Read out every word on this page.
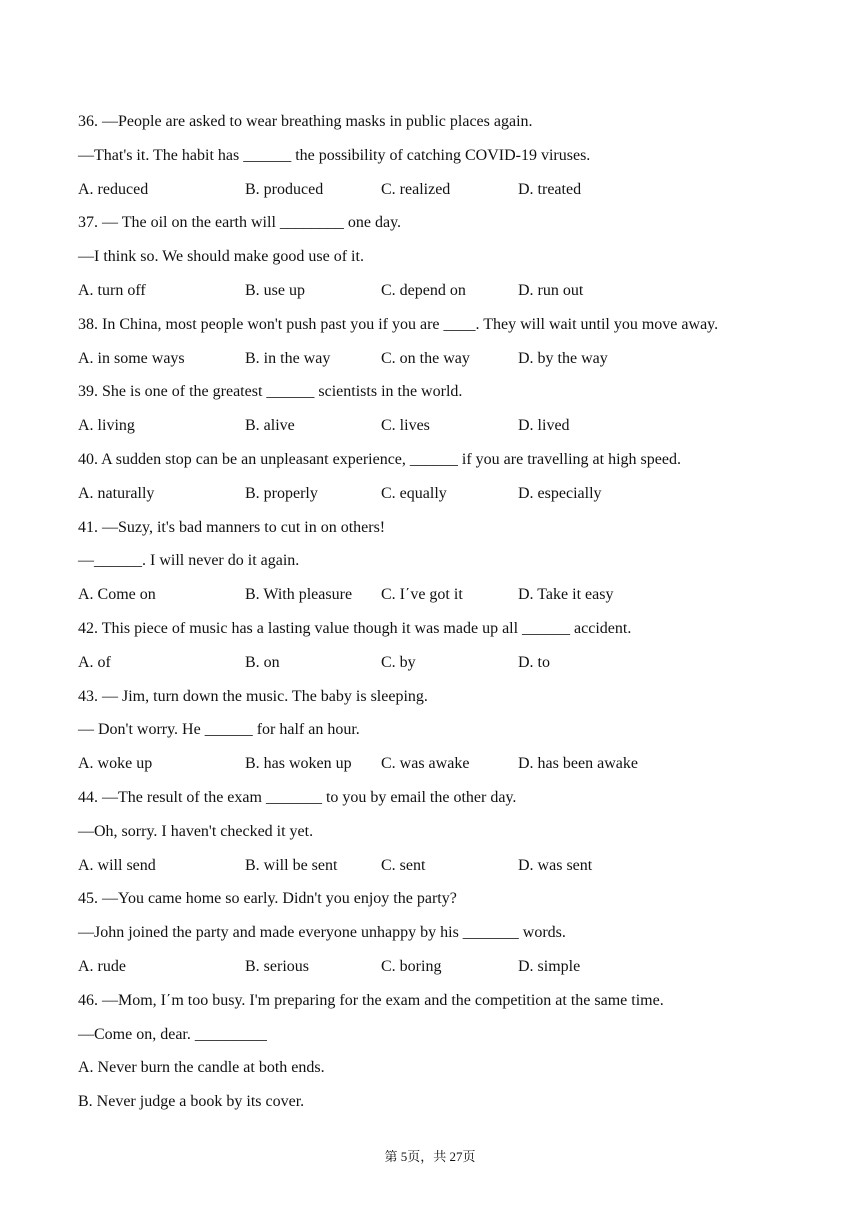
36. —People are asked to wear breathing masks in public places again.
—That's it. The habit has ______ the possibility of catching COVID-19 viruses.
A. reduced	B. produced	C. realized	D. treated
37. — The oil on the earth will ________ one day.
—I think so. We should make good use of it.
A. turn off	B. use up	C. depend on	D. run out
38. In China, most people won't push past you if you are ____. They will wait until you move away.
A. in some ways	B. in the way	C. on the way	D. by the way
39. She is one of the greatest ______ scientists in the world.
A. living	B. alive	C. lives	D. lived
40. A sudden stop can be an unpleasant experience, ______ if you are travelling at high speed.
A. naturally	B. properly	C. equally	D. especially
41. —Suzy, it's bad manners to cut in on others!
—______. I will never do it again.
A. Come on	B. With pleasure C. I΄ve got it	D. Take it easy
42. This piece of music has a lasting value though it was made up all ______ accident.
A. of	B. on	C. by	D. to
43. — Jim, turn down the music. The baby is sleeping.
— Don't worry. He ______ for half an hour.
A. woke up	B. has woken up C. was awake	D. has been awake
44. —The result of the exam _______ to you by email the other day.
—Oh, sorry. I haven't checked it yet.
A. will send	B. will be sent	C. sent	D. was sent
45. —You came home so early. Didn't you enjoy the party?
—John joined the party and made everyone unhappy by his _______ words.
A. rude	B. serious	C. boring	D. simple
46. —Mom, I΄m too busy. I'm preparing for the exam and the competition at the same time.
—Come on, dear. _________
A. Never burn the candle at both ends.
B. Never judge a book by its cover.
第 5页，共 27页
